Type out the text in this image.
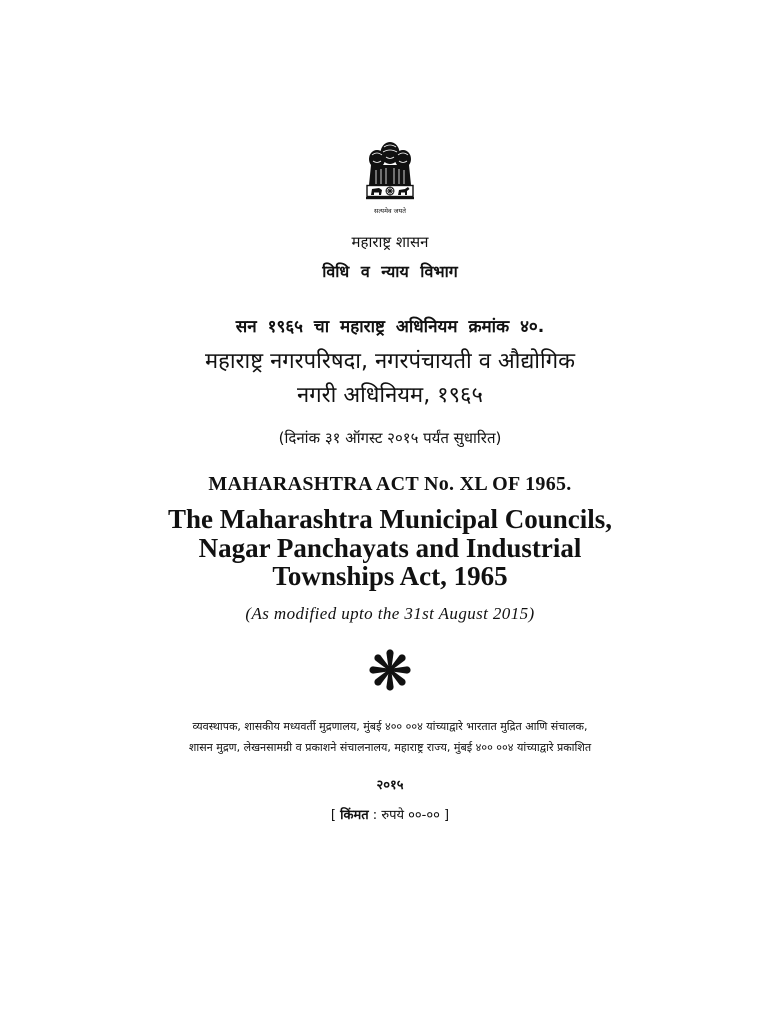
सत्यमेव जयते
महाराष्ट्र शासन
विधि व न्याय विभाग
सन १९६५ चा महाराष्ट्र अधिनियम क्रमांक ४०.
महाराष्ट्र नगरपरिषदा, नगरपंचायती व औद्योगिक
नगरी अधिनियम, १९६५
(दिनांक ३१ ऑगस्ट २०१५ पर्यंत सुधारित)
MAHARASHTRA ACT No. XL OF 1965.
The Maharashtra Municipal Councils,
Nagar Panchayats and Industrial
Townships Act, 1965
(As modified upto the 31st August 2015)
व्यवस्थापक, शासकीय मध्यवर्ती मुद्रणालय, मुंबई ४०० ००४ यांच्याद्वारे भारतात मुद्रित आणि संचालक,
शासन मुद्रण, लेखनसामग्री व प्रकाशने संचालनालय, महाराष्ट्र राज्य, मुंबई ४०० ००४ यांच्याद्वारे प्रकाशित
२०१५
[ किंमत : रुपये ००-०० ]
